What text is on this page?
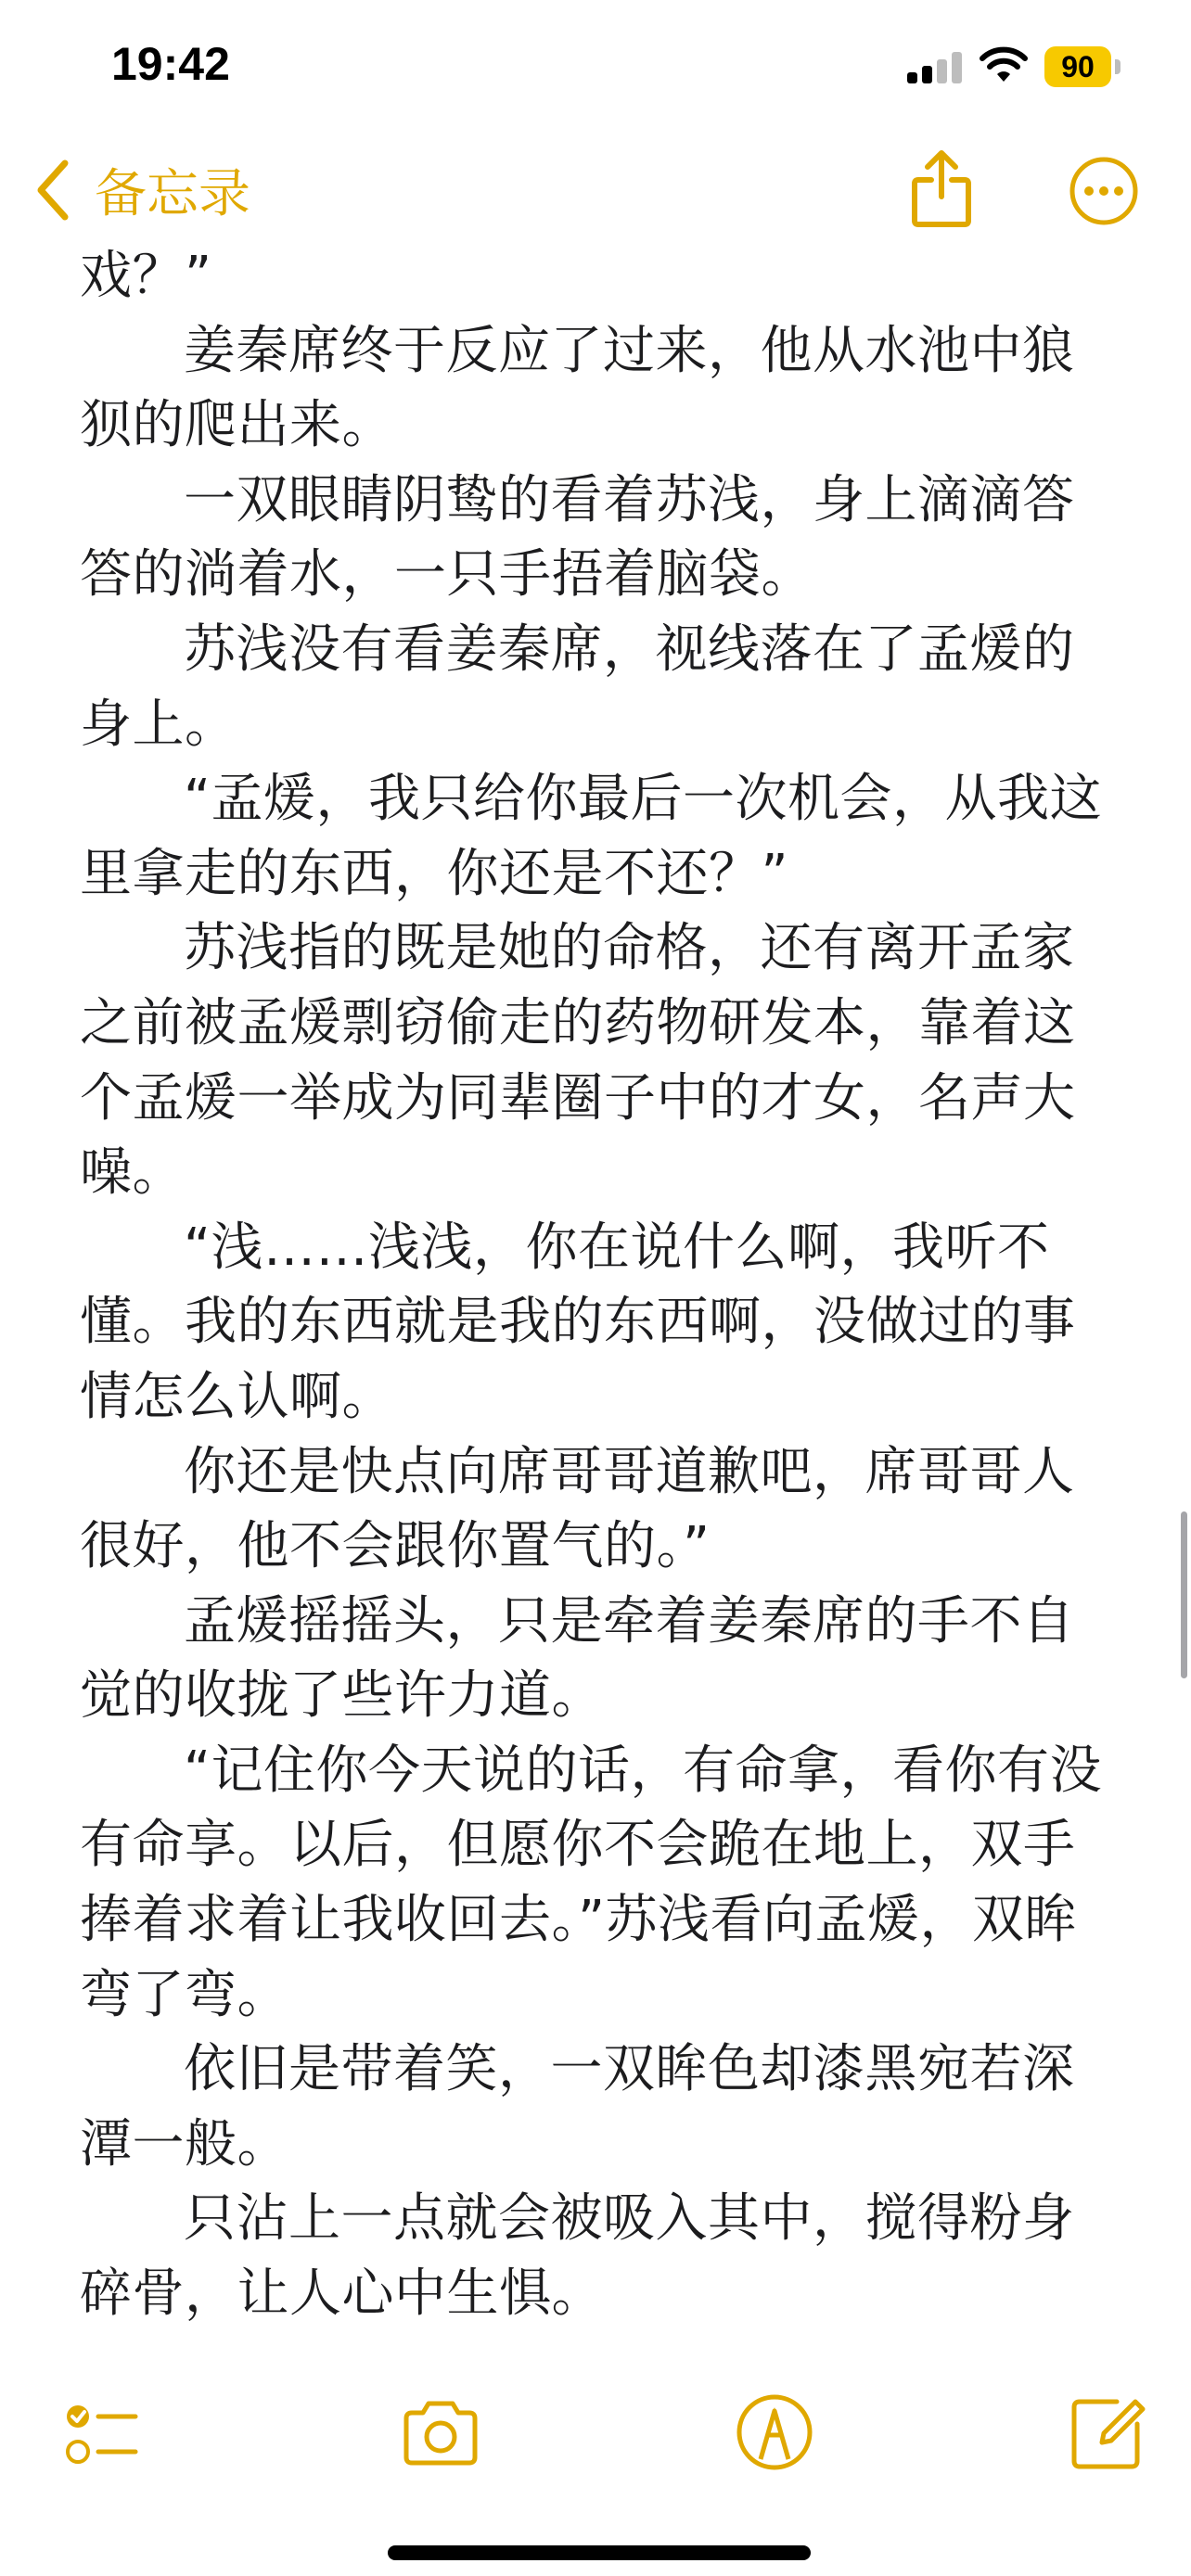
19:42	90
备忘录

戏？”

姜秦席终于反应了过来，他从水池中狼狈的爬出来。

一双眼睛阴鸷的看着苏浅，身上滴滴答答的淌着水，一只手捂着脑袋。

苏浅没有看姜秦席，视线落在了孟煖的身上。

“孟煖，我只给你最后一次机会，从我这里拿走的东西，你还是不还？”

苏浅指的既是她的命格，还有离开孟家之前被孟煖剽窃偷走的药物研发本，靠着这个孟煖一举成为同辈圈子中的才女，名声大噪。

“浅……浅浅，你在说什么啊，我听不懂。我的东西就是我的东西啊，没做过的事情怎么认啊。

你还是快点向席哥哥道歉吧，席哥哥人很好，他不会跟你置气的。”

孟煖摇摇头，只是牵着姜秦席的手不自觉的收拢了些许力道。

“记住你今天说的话，有命拿，看你有没有命享。以后，但愿你不会跪在地上，双手捧着求着让我收回去。”苏浅看向孟煖，双眸弯了弯。

依旧是带着笑，一双眸色却漆黑宛若深潭一般。

只沾上一点就会被吸入其中，搅得粉身碎骨，让人心中生惧。
